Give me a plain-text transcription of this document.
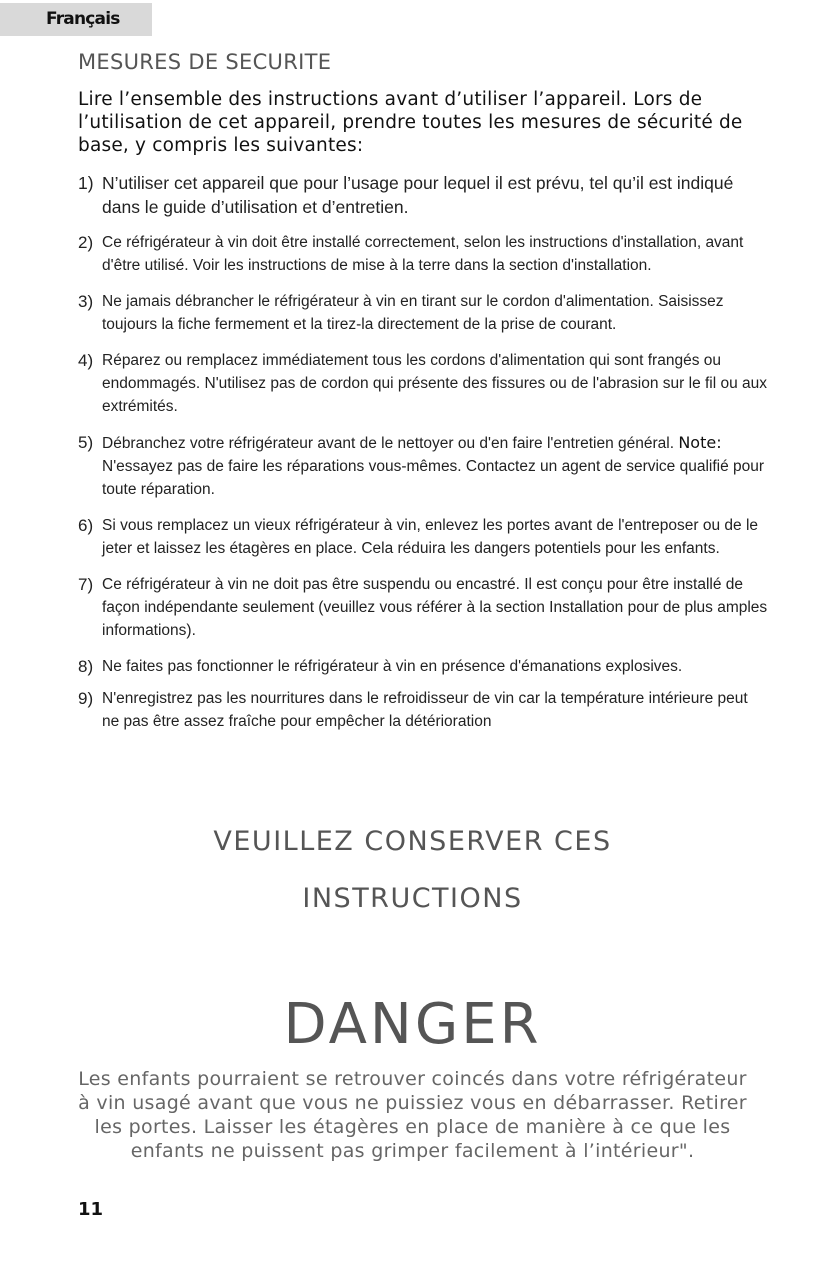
Français
MESURES DE SECURITE
Lire l’ensemble des instructions avant d’utiliser l’appareil. Lors de l’utilisation de cet appareil, prendre toutes les mesures de sécurité de base, y compris les suivantes:
1) N’utiliser cet appareil que pour l’usage pour lequel il est prévu, tel qu’il est indiqué dans le guide d’utilisation et d’entretien.
2) Ce réfrigérateur à vin doit être installé correctement, selon les instructions d'installation, avant d'être utilisé. Voir les instructions de mise à la terre dans la section d'installation.
3) Ne jamais débrancher le réfrigérateur à vin en tirant sur le cordon d'alimentation. Saisissez toujours la fiche fermement et la tirez-la directement de la prise de courant.
4) Réparez ou remplacez immédiatement tous les cordons d'alimentation qui sont frangés ou endommagés. N'utilisez pas de cordon qui présente des fissures ou de l'abrasion sur le fil ou aux extrémités.
5) Débranchez votre réfrigérateur avant de le nettoyer ou d'en faire l'entretien général. Note: N'essayez pas de faire les réparations vous-mêmes. Contactez un agent de service qualifié pour toute réparation.
6) Si vous remplacez un vieux réfrigérateur à vin, enlevez les portes avant de l'entreposer ou de le jeter et laissez les étagères en place. Cela réduira les dangers potentiels pour les enfants.
7) Ce réfrigérateur à vin ne doit pas être suspendu ou encastré. Il est conçu pour être installé de façon indépendante seulement (veuillez vous référer à la section Installation pour de plus amples informations).
8) Ne faites pas fonctionner le réfrigérateur à vin en présence d'émanations explosives.
9) N'enregistrez pas les nourritures dans le refroidisseur de vin car la température intérieure peut ne pas être assez fraîche pour empêcher la détérioration
VEUILLEZ CONSERVER CES
INSTRUCTIONS
DANGER
Les enfants pourraient se retrouver coincés dans votre réfrigérateur à vin usagé avant que vous ne puissiez vous en débarrasser. Retirer les portes. Laisser les étagères en place de manière à ce que les enfants ne puissent pas grimper facilement à l’intérieur".
11
